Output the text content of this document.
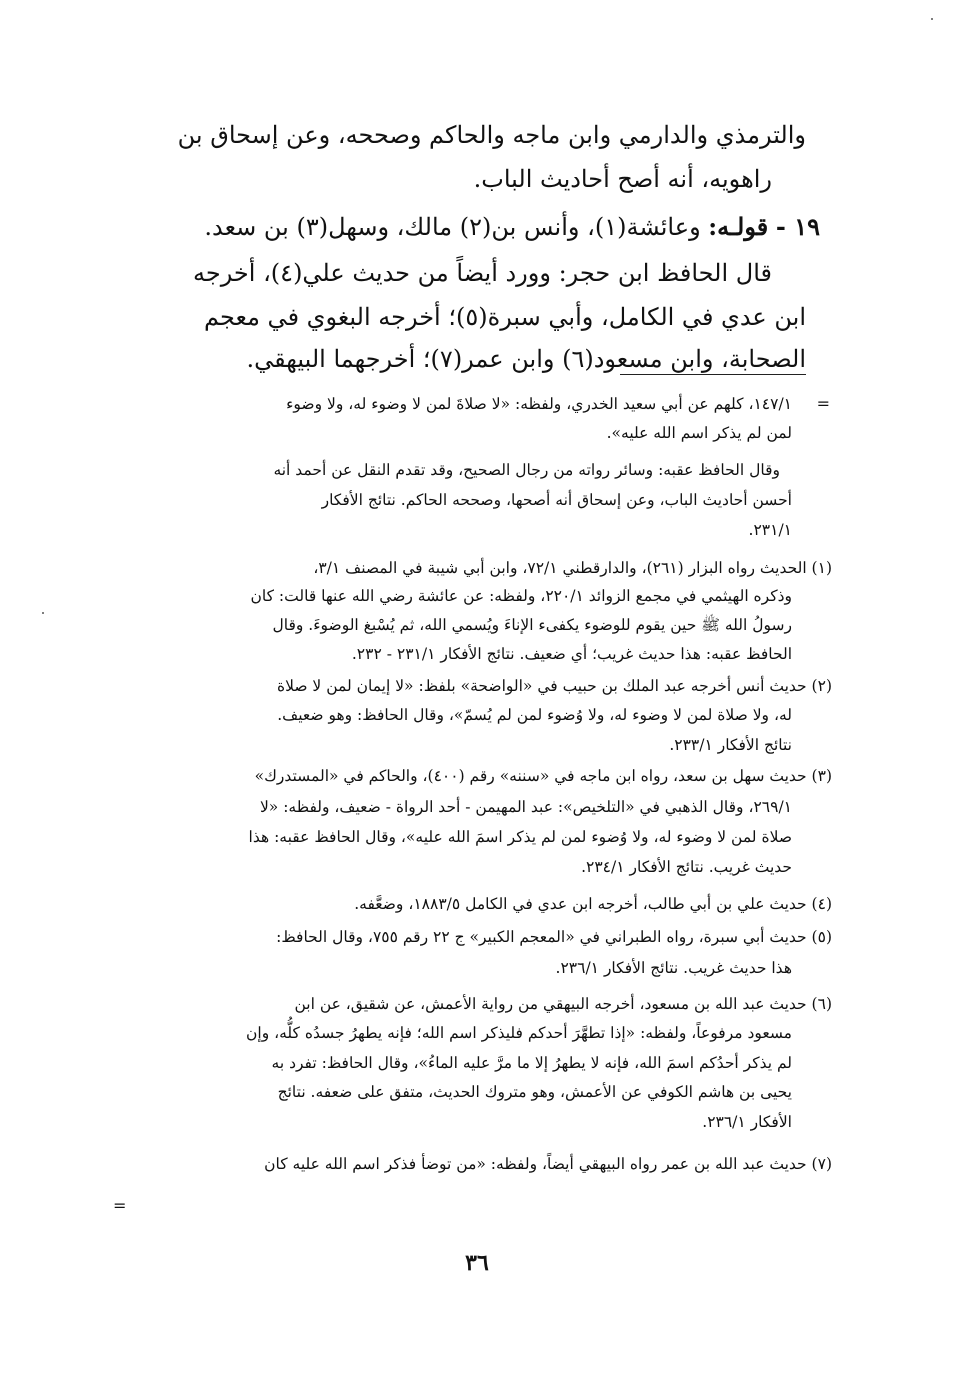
والترمذي والدارمي وابن ماجه والحاكم وصححه، وعن إسحاق بن
راهويه، أنه أصح أحاديث الباب.
١٩ - قولـه: وعائشة(١)، وأنس بن(٢) مالك، وسهل(٣) بن سعد.
قال الحافظ ابن حجر: وورد أيضاً من حديث علي(٤)، أخرجه
ابن عدي في الكامل، وأبي سبرة(٥)؛ أخرجه البغوي في معجم
الصحابة، وابن مسعود(٦) وابن عمر(٧)؛ أخرجهما البيهقي.
=
١٤٧/١، كلهم عن أبي سعيد الخدري، ولفظه: «لا صلاةَ لمن لا وضوء له، ولا وضوء
لمن لم يذكر اسم الله عليه».
وقال الحافظ عقبه: وسائر رواته من رجال الصحيح، وقد تقدم النقل عن أحمد أنه
أحسن أحاديث الباب، وعن إسحاق أنه أصحها، وصححه الحاكم. نتائج الأفكار
٢٣١/١.
(١) الحديث رواه البزار (٢٦١)، والدارقطني ٧٢/١، وابن أبي شيبة في المصنف ٣/١،
وذكره الهيثمي في مجمع الزوائد ٢٢٠/١، ولفظه: عن عائشة رضي الله عنها قالت: كان
رسولُ الله ﷺ حين يقوم للوضوء يكفىء الإناءَ ويُسمي الله، ثم يُسْبغ الوضوءَ. وقال
الحافظ عقبه: هذا حديث غريب؛ أي ضعيف. نتائج الأفكار ٢٣١/١ - ٢٣٢.
(٢) حديث أنس أخرجه عبد الملك بن حبيب في «الواضحة» بلفظ: «لا إيمان لمن لا صلاة
له، ولا صلاة لمن لا وضوء له، ولا وُضوء لمن لم يُسمّ»، وقال الحافظ: وهو ضعيف.
نتائج الأفكار ٢٣٣/١.
(٣) حديث سهل بن سعد، رواه ابن ماجه في «سننه» رقم (٤٠٠)، والحاكم في «المستدرك»
٢٦٩/١، وقال الذهبي في «التلخيص»: عبد المهيمن - أحد الرواة - ضعيف، ولفظه: «لا
صلاة لمن لا وضوء له، ولا وُضوء لمن لم يذكر اسمَ الله عليه»، وقال الحافظ عقبه: هذا
حديث غريب. نتائج الأفكار ٢٣٤/١.
(٤) حديث علي بن أبي طالب، أخرجه ابن عدي في الكامل ١٨٨٣/٥، وضعَّفه.
(٥) حديث أبي سبرة، رواه الطبراني في «المعجم الكبير» ج ٢٢ رقم ٧٥٥، وقال الحافظ:
هذا حديث غريب. نتائج الأفكار ٢٣٦/١.
(٦) حديث عبد الله بن مسعود، أخرجه البيهقي من رواية الأعمش، عن شقيق، عن ابن
مسعود مرفوعاً، ولفظه: «إذا تطهَّرَ أحدكم فليذكر اسم الله؛ فإنه يطهرُ جسدُه كلُّه، وإن
لم يذكر أحدُكم اسمَ الله، فإنه لا يطهرُ إلا ما مرَّ عليه الماءُ»، وقال الحافظ: تفرد به
يحيى بن هاشم الكوفي عن الأعمش، وهو متروك الحديث، متفق على ضعفه. نتائج
الأفكار ٢٣٦/١.
(٧) حديث عبد الله بن عمر رواه البيهقي أيضاً، ولفظه: «من توضأ فذكر اسم الله عليه كان
=
٣٦
